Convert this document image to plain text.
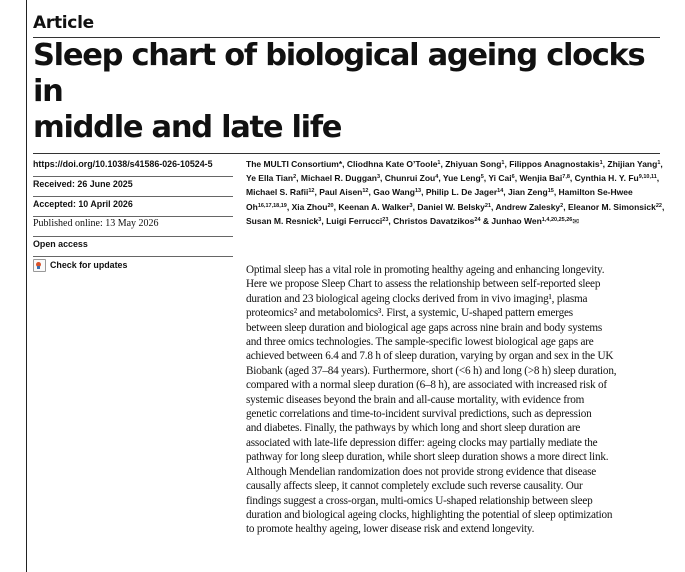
Article
Sleep chart of biological ageing clocks in
middle and late life
https://doi.org/10.1038/s41586-026-10524-5
Received: 26 June 2025
Accepted: 10 April 2026
Published online: 13 May 2026
Open access
Check for updates
The MULTI Consortium*, Cliodhna Kate O’Toole$^1$, Zhiyuan Song$^1$, Filippos Anagnostakis$^1$, Zhijian Yang$^1$, Ye Ella Tian$^2$, Michael R. Duggan$^3$, Chunrui Zou$^4$, Yue Leng$^5$, Yi Cai$^6$, Wenjia Bai$^{7,8}$, Cynthia H. Y. Fu$^{9,10,11}$, Michael S. Rafii$^{12}$, Paul Aisen$^{12}$, Gao Wang$^{13}$, Philip L. De Jager$^{14}$, Jian Zeng$^{15}$, Hamilton Se-Hwee Oh$^{16,17,18,19}$, Xia Zhou$^{20}$, Keenan A. Walker$^3$, Daniel W. Belsky$^{21}$, Andrew Zalesky$^2$, Eleanor M. Simonsick$^{22}$, Susan M. Resnick$^3$, Luigi Ferrucci$^{23}$, Christos Davatzikos$^{24}$ & Junhao Wen$^{1,4,20,25,26}$✉
Optimal sleep has a vital role in promoting healthy ageing and enhancing longevity.
Here we propose Sleep Chart to assess the relationship between self-reported sleep
duration and 23 biological ageing clocks derived from in vivo imaging¹, plasma
proteomics² and metabolomics³. First, a systemic, U-shaped pattern emerges
between sleep duration and biological age gaps across nine brain and body systems
and three omics technologies. The sample-specific lowest biological age gaps are
achieved between 6.4 and 7.8 h of sleep duration, varying by organ and sex in the UK
Biobank (aged 37–84 years). Furthermore, short (<6 h) and long (>8 h) sleep duration,
compared with a normal sleep duration (6–8 h), are associated with increased risk of
systemic diseases beyond the brain and all-cause mortality, with evidence from
genetic correlations and time-to-incident survival predictions, such as depression
and diabetes. Finally, the pathways by which long and short sleep duration are
associated with late-life depression differ: ageing clocks may partially mediate the
pathway for long sleep duration, while short sleep duration shows a more direct link.
Although Mendelian randomization does not provide strong evidence that disease
causally affects sleep, it cannot completely exclude such reverse causality. Our
findings suggest a cross-organ, multi-omics U-shaped relationship between sleep
duration and biological ageing clocks, highlighting the potential of sleep optimization
to promote healthy ageing, lower disease risk and extend longevity.
